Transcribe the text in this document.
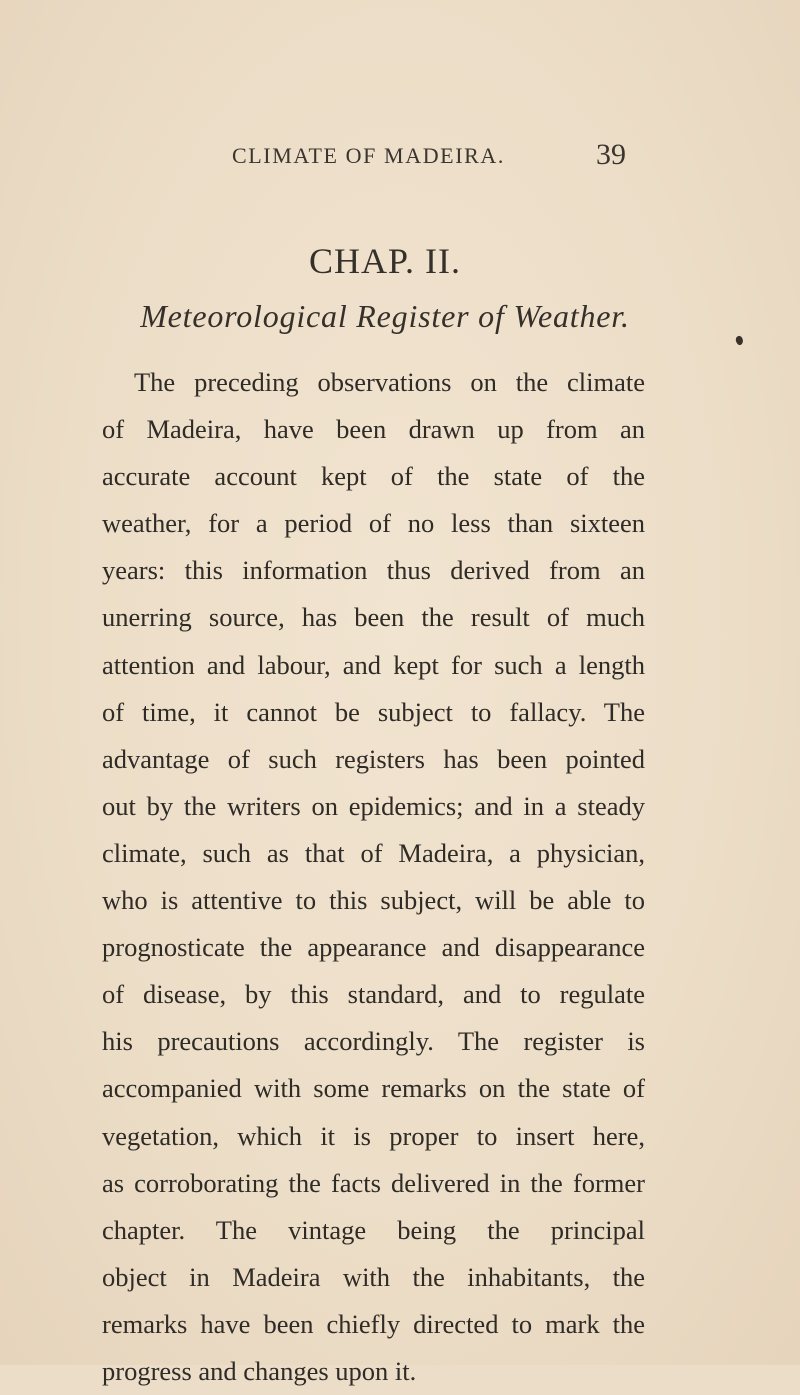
CLIMATE OF MADEIRA.	39
CHAP. II.
Meteorological Register of Weather.
The preceding observations on the climate
of Madeira, have been drawn up from an
accurate account kept of the state of the
weather, for a period of no less than sixteen
years: this information thus derived from an
unerring source, has been the result of much
attention and labour, and kept for such a length
of time, it cannot be subject to fallacy. The
advantage of such registers has been pointed
out by the writers on epidemics; and in a steady
climate, such as that of Madeira, a physician,
who is attentive to this subject, will be able to
prognosticate the appearance and disappearance
of disease, by this standard, and to regulate
his precautions accordingly. The register is
accompanied with some remarks on the state of
vegetation, which it is proper to insert here,
as corroborating the facts delivered in the former
chapter. The vintage being the principal
object in Madeira with the inhabitants, the
remarks have been chiefly directed to mark the
progress and changes upon it.
